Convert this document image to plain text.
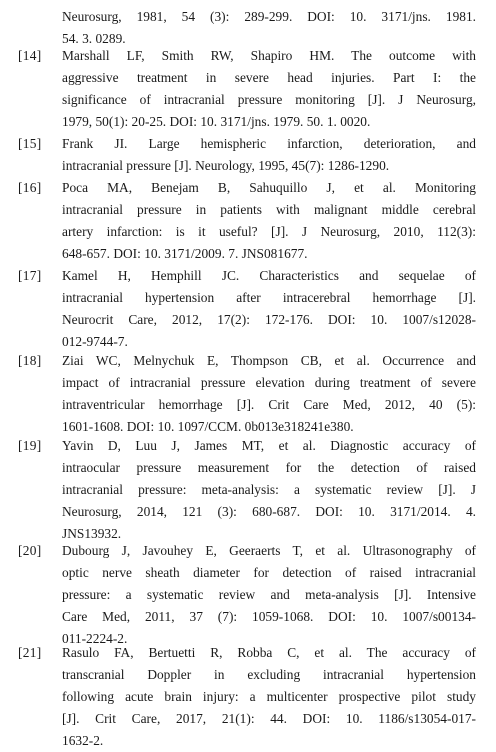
Neurosurg, 1981, 54 (3): 289‑299. DOI: 10. 3171/jns. 1981.
54. 3. 0289.
[14]	Marshall LF, Smith RW, Shapiro HM. The outcome with
aggressive treatment in severe head injuries. Part I: the
significance of intracranial pressure monitoring [J]. J Neurosurg,
1979, 50(1): 20‑25. DOI: 10. 3171/jns. 1979. 50. 1. 0020.
[15]	Frank JI. Large hemispheric infarction, deterioration, and
intracranial pressure [J]. Neurology, 1995, 45(7): 1286‑1290.
[16]	Poca MA, Benejam B, Sahuquillo J, et al. Monitoring
intracranial pressure in patients with malignant middle cerebral
artery infarction: is it useful? [J]. J Neurosurg, 2010, 112(3):
648‑657. DOI: 10. 3171/2009. 7. JNS081677.
[17]	Kamel H, Hemphill JC. Characteristics and sequelae of
intracranial hypertension after intracerebral hemorrhage [J].
Neurocrit Care, 2012, 17(2): 172‑176. DOI: 10. 1007/s12028‑
012‑9744‑7.
[18]	Ziai WC, Melnychuk E, Thompson CB, et al. Occurrence and
impact of intracranial pressure elevation during treatment of severe
intraventricular hemorrhage [J]. Crit Care Med, 2012, 40 (5):
1601‑1608. DOI: 10. 1097/CCM. 0b013e318241e380.
[19]	Yavin D, Luu J, James MT, et al. Diagnostic accuracy of
intraocular pressure measurement for the detection of raised
intracranial pressure: meta‑analysis: a systematic review [J]. J
Neurosurg, 2014, 121 (3): 680‑687. DOI: 10. 3171/2014. 4.
JNS13932.
[20]	Dubourg J, Javouhey E, Geeraerts T, et al. Ultrasonography of
optic nerve sheath diameter for detection of raised intracranial
pressure: a systematic review and meta‑analysis [J]. Intensive
Care Med, 2011, 37 (7): 1059‑1068. DOI: 10. 1007/s00134‑
011‑2224‑2.
[21]	Rasulo FA, Bertuetti R, Robba C, et al. The accuracy of
transcranial Doppler in excluding intracranial hypertension
following acute brain injury: a multicenter prospective pilot study
[J]. Crit Care, 2017, 21(1): 44. DOI: 10. 1186/s13054‑017‑
1632‑2.
